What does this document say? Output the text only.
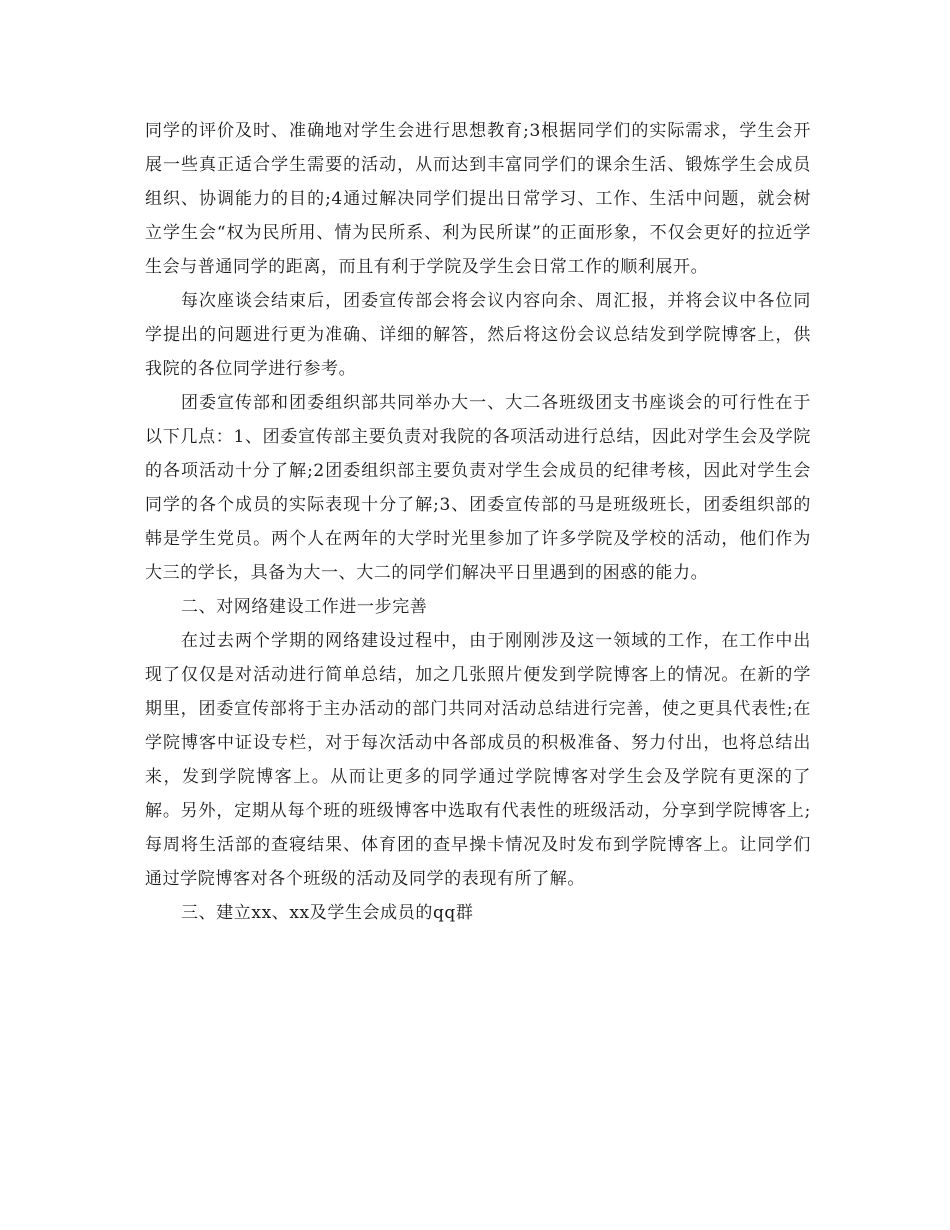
同学的评价及时、准确地对学生会进行思想教育;3根据同学们的实际需求，学生会开展一些真正适合学生需要的活动，从而达到丰富同学们的课余生活、锻炼学生会成员组织、协调能力的目的;4通过解决同学们提出日常学习、工作、生活中问题，就会树立学生会“权为民所用、情为民所系、利为民所谋”的正面形象，不仅会更好的拉近学生会与普通同学的距离，而且有利于学院及学生会日常工作的顺利展开。

每次座谈会结束后，团委宣传部会将会议内容向余、周汇报，并将会议中各位同学提出的问题进行更为准确、详细的解答，然后将这份会议总结发到学院博客上，供我院的各位同学进行参考。

团委宣传部和团委组织部共同举办大一、大二各班级团支书座谈会的可行性在于以下几点：1、团委宣传部主要负责对我院的各项活动进行总结，因此对学生会及学院的各项活动十分了解;2团委组织部主要负责对学生会成员的纪律考核，因此对学生会同学的各个成员的实际表现十分了解;3、团委宣传部的马是班级班长，团委组织部的韩是学生党员。两个人在两年的大学时光里参加了许多学院及学校的活动，他们作为大三的学长，具备为大一、大二的同学们解决平日里遇到的困惑的能力。

二、对网络建设工作进一步完善

在过去两个学期的网络建设过程中，由于刚刚涉及这一领域的工作，在工作中出现了仅仅是对活动进行简单总结，加之几张照片便发到学院博客上的情况。在新的学期里，团委宣传部将于主办活动的部门共同对活动总结进行完善，使之更具代表性;在学院博客中证设专栏，对于每次活动中各部成员的积极准备、努力付出，也将总结出来，发到学院博客上。从而让更多的同学通过学院博客对学生会及学院有更深的了解。另外，定期从每个班的班级博客中选取有代表性的班级活动，分享到学院博客上;每周将生活部的查寝结果、体育团的查早操卡情况及时发布到学院博客上。让同学们通过学院博客对各个班级的活动及同学的表现有所了解。

三、建立xx、xx及学生会成员的qq群
